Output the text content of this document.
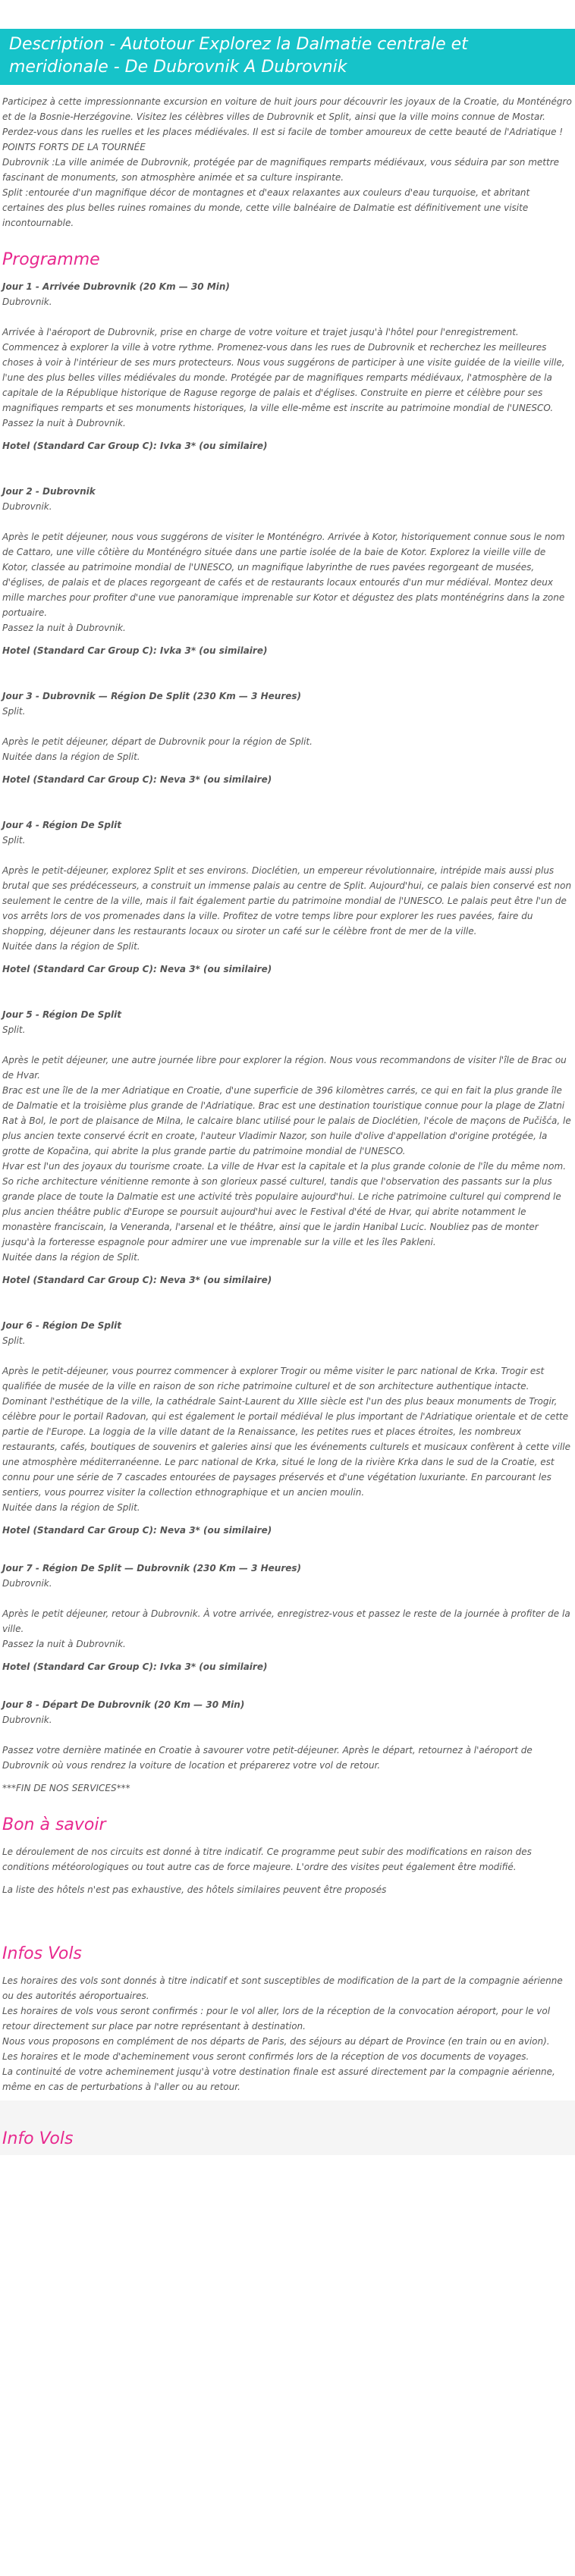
Description - Autotour Explorez la Dalmatie centrale et meridionale - De Dubrovnik A Dubrovnik

Participez à cette impressionnante excursion en voiture de huit jours pour découvrir les joyaux de la Croatie, du Monténégro et de la Bosnie-Herzégovine. Visitez les célèbres villes de Dubrovnik et Split, ainsi que la ville moins connue de Mostar. Perdez-vous dans les ruelles et les places médiévales. Il est si facile de tomber amoureux de cette beauté de l'Adriatique !

POINTS FORTS DE LA TOURNÉE

Dubrovnik :La ville animée de Dubrovnik, protégée par de magnifiques remparts médiévaux, vous séduira par son mettre fascinant de monuments, son atmosphère animée et sa culture inspirante.

Split :entourée d'un magnifique décor de montagnes et d'eaux relaxantes aux couleurs d'eau turquoise, et abritant certaines des plus belles ruines romaines du monde, cette ville balnéaire de Dalmatie est définitivement une visite incontournable.

Programme
Jour 1 - Arrivée Dubrovnik (20 Km — 30 Min)
Dubrovnik.

Arrivée à l'aéroport de Dubrovnik, prise en charge de votre voiture et trajet jusqu'à l'hôtel pour l'enregistrement. Commencez à explorer la ville à votre rythme. Promenez-vous dans les rues de Dubrovnik et recherchez les meilleures choses à voir à l'intérieur de ses murs protecteurs. Nous vous suggérons de participer à une visite guidée de la vieille ville, l'une des plus belles villes médiévales du monde. Protégée par de magnifiques remparts médiévaux, l'atmosphère de la capitale de la République historique de Raguse regorge de palais et d'églises. Construite en pierre et célèbre pour ses magnifiques remparts et ses monuments historiques, la ville elle-même est inscrite au patrimoine mondial de l'UNESCO.

Passez la nuit à Dubrovnik.

Hotel (Standard Car Group C): Ivka 3* (ou similaire)
Jour 2 - Dubrovnik
Dubrovnik.

Après le petit déjeuner, nous vous suggérons de visiter le Monténégro. Arrivée à Kotor, historiquement connue sous le nom de Cattaro, une ville côtière du Monténégro située dans une partie isolée de la baie de Kotor. Explorez la vieille ville de Kotor, classée au patrimoine mondial de l'UNESCO, un magnifique labyrinthe de rues pavées regorgeant de musées, d'églises, de palais et de places regorgeant de cafés et de restaurants locaux entourés d'un mur médiéval. Montez deux mille marches pour profiter d'une vue panoramique imprenable sur Kotor et dégustez des plats monténégrins dans la zone portuaire.

Passez la nuit à Dubrovnik.

Hotel (Standard Car Group C): Ivka 3* (ou similaire)
Jour 3 - Dubrovnik — Région De Split (230 Km — 3 Heures)
Split.

Après le petit déjeuner, départ de Dubrovnik pour la région de Split.

Nuitée dans la région de Split.

Hotel (Standard Car Group C): Neva 3* (ou similaire)
Jour 4 - Région De Split
Split.

Après le petit-déjeuner, explorez Split et ses environs. Dioclétien, un empereur révolutionnaire, intrépide mais aussi plus brutal que ses prédécesseurs, a construit un immense palais au centre de Split. Aujourd'hui, ce palais bien conservé est non seulement le centre de la ville, mais il fait également partie du patrimoine mondial de l'UNESCO. Le palais peut être l'un de vos arrêts lors de vos promenades dans la ville. Profitez de votre temps libre pour explorer les rues pavées, faire du shopping, déjeuner dans les restaurants locaux ou siroter un café sur le célèbre front de mer de la ville.

Nuitée dans la région de Split.

Hotel (Standard Car Group C): Neva 3* (ou similaire)
Jour 5 - Région De Split
Split.

Après le petit déjeuner, une autre journée libre pour explorer la région. Nous vous recommandons de visiter l'île de Brac ou de Hvar.

Brac est une île de la mer Adriatique en Croatie, d'une superficie de 396 kilomètres carrés, ce qui en fait la plus grande île de Dalmatie et la troisième plus grande de l'Adriatique. Brac est une destination touristique connue pour la plage de Zlatni Rat à Bol, le port de plaisance de Milna, le calcaire blanc utilisé pour le palais de Dioclétien, l'école de maçons de Pučišća, le plus ancien texte conservé écrit en croate, l'auteur Vladimir Nazor, son huile d'olive d'appellation d'origine protégée, la grotte de Kopačina, qui abrite la plus grande partie du patrimoine mondial de l'UNESCO.

Hvar est l'un des joyaux du tourisme croate. La ville de Hvar est la capitale et la plus grande colonie de l'île du même nom. So riche architecture vénitienne remonte à son glorieux passé culturel, tandis que l'observation des passants sur la plus grande place de toute la Dalmatie est une activité très populaire aujourd'hui. Le riche patrimoine culturel qui comprend le plus ancien théâtre public d'Europe se poursuit aujourd'hui avec le Festival d'été de Hvar, qui abrite notamment le monastère franciscain, la Veneranda, l'arsenal et le théâtre, ainsi que le jardin Hanibal Lucic. Noubliez pas de monter jusqu'à la forteresse espagnole pour admirer une vue imprenable sur la ville et les îles Pakleni.

Nuitée dans la région de Split.

Hotel (Standard Car Group C): Neva 3* (ou similaire)
Jour 6 - Région De Split
Split.

Après le petit-déjeuner, vous pourrez commencer à explorer Trogir ou même visiter le parc national de Krka. Trogir est qualifiée de musée de la ville en raison de son riche patrimoine culturel et de son architecture authentique intacte. Dominant l'esthétique de la ville, la cathédrale Saint-Laurent du XIIIe siècle est l'un des plus beaux monuments de Trogir, célèbre pour le portail Radovan, qui est également le portail médiéval le plus important de l'Adriatique orientale et de cette partie de l'Europe. La loggia de la ville datant de la Renaissance, les petites rues et places étroites, les nombreux restaurants, cafés, boutiques de souvenirs et galeries ainsi que les événements culturels et musicaux confèrent à cette ville une atmosphère méditerranéenne. Le parc national de Krka, situé le long de la rivière Krka dans le sud de la Croatie, est connu pour une série de 7 cascades entourées de paysages préservés et d'une végétation luxuriante. En parcourant les sentiers, vous pourrez visiter la collection ethnographique et un ancien moulin.

Nuitée dans la région de Split.

Hotel (Standard Car Group C): Neva 3* (ou similaire)
Jour 7 - Région De Split — Dubrovnik (230 Km — 3 Heures)
Dubrovnik.

Après le petit déjeuner, retour à Dubrovnik. À votre arrivée, enregistrez-vous et passez le reste de la journée à profiter de la ville.

Passez la nuit à Dubrovnik.

Hotel (Standard Car Group C): Ivka 3* (ou similaire)
Jour 8 - Départ De Dubrovnik (20 Km — 30 Min)
Dubrovnik.

Passez votre dernière matinée en Croatie à savourer votre petit-déjeuner. Après le départ, retournez à l'aéroport de Dubrovnik où vous rendrez la voiture de location et préparerez votre vol de retour.

***FIN DE NOS SERVICES***

Bon à savoir

Le déroulement de nos circuits est donné à titre indicatif. Ce programme peut subir des modifications en raison des conditions météorologiques ou tout autre cas de force majeure. L'ordre des visites peut également être modifié.

La liste des hôtels n'est pas exhaustive, des hôtels similaires peuvent être proposés

Infos Vols

Les horaires des vols sont donnés à titre indicatif et sont susceptibles de modification de la part de la compagnie aérienne ou des autorités aéroportuaires.

Les horaires de vols vous seront confirmés : pour le vol aller, lors de la réception de la convocation aéroport, pour le vol retour directement sur place par notre représentant à destination.

Nous vous proposons en complément de nos départs de Paris, des séjours au départ de Province (en train ou en avion).

Les horaires et le mode d'acheminement vous seront confirmés lors de la réception de vos documents de voyages.

La continuité de votre acheminement jusqu'à votre destination finale est assuré directement par la compagnie aérienne, même en cas de perturbations à l'aller ou au retour.

Info Vols
